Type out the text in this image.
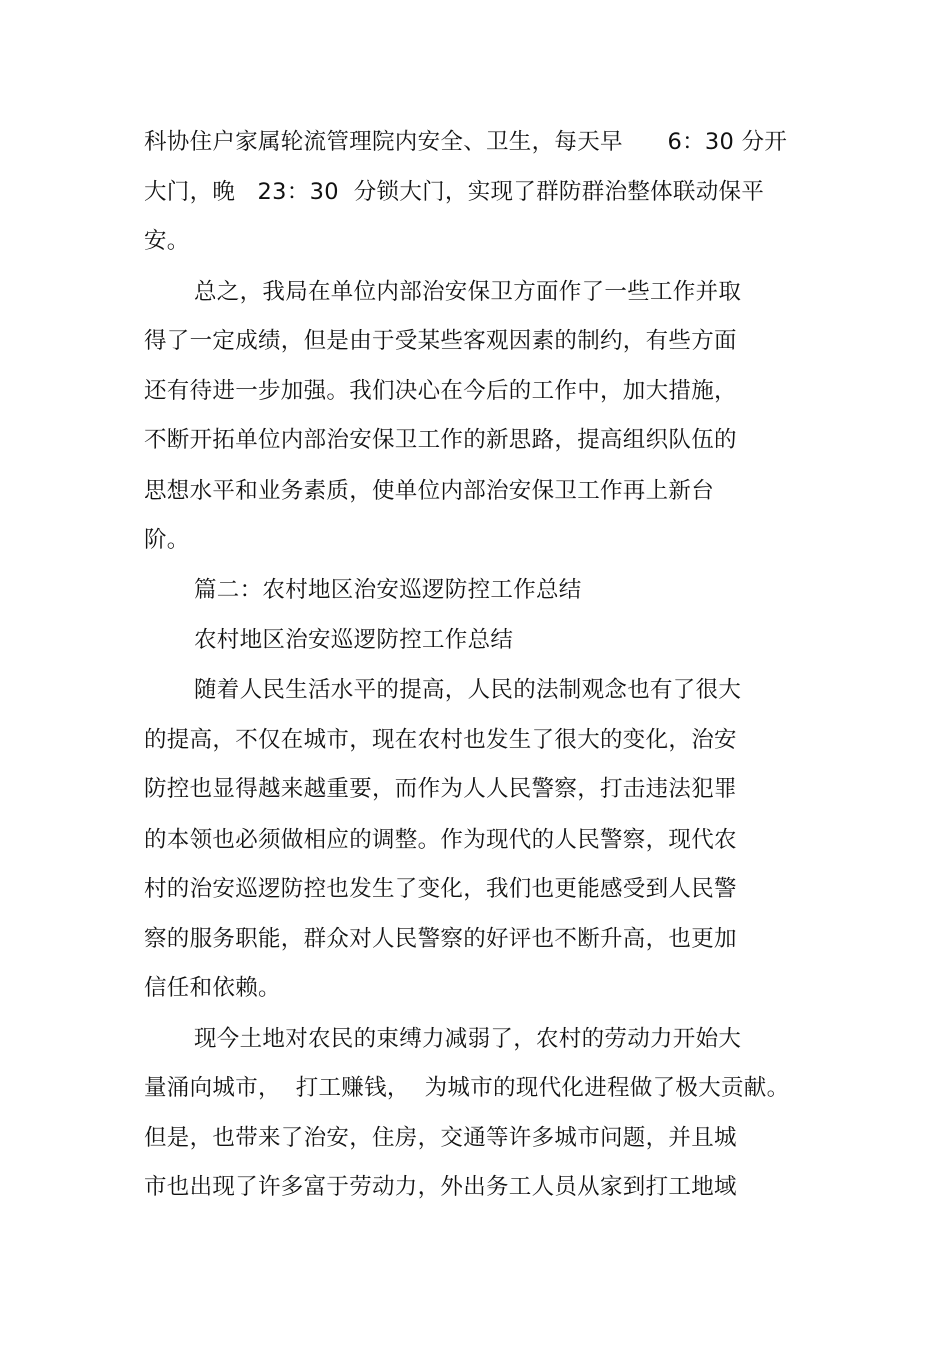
科协住户家属轮流管理院内安全、卫生，每天早      6：30 分开
大门，晚   23：30  分锁大门，实现了群防群治整体联动保平
安。
总之，我局在单位内部治安保卫方面作了一些工作并取
得了一定成绩，但是由于受某些客观因素的制约，有些方面
还有待进一步加强。我们决心在今后的工作中，加大措施，
不断开拓单位内部治安保卫工作的新思路，提高组织队伍的
思想水平和业务素质，使单位内部治安保卫工作再上新台
阶。
篇二：农村地区治安巡逻防控工作总结
农村地区治安巡逻防控工作总结
随着人民生活水平的提高，人民的法制观念也有了很大
的提高，不仅在城市，现在农村也发生了很大的变化，治安
防控也显得越来越重要，而作为人人民警察，打击违法犯罪
的本领也必须做相应的调整。作为现代的人民警察，现代农
村的治安巡逻防控也发生了变化，我们也更能感受到人民警
察的服务职能，群众对人民警察的好评也不断升高，也更加
信任和依赖。
现今土地对农民的束缚力减弱了，农村的劳动力开始大
量涌向城市，  打工赚钱，  为城市的现代化进程做了极大贡献。
但是，也带来了治安，住房，交通等许多城市问题，并且城
市也出现了许多富于劳动力，外出务工人员从家到打工地域
